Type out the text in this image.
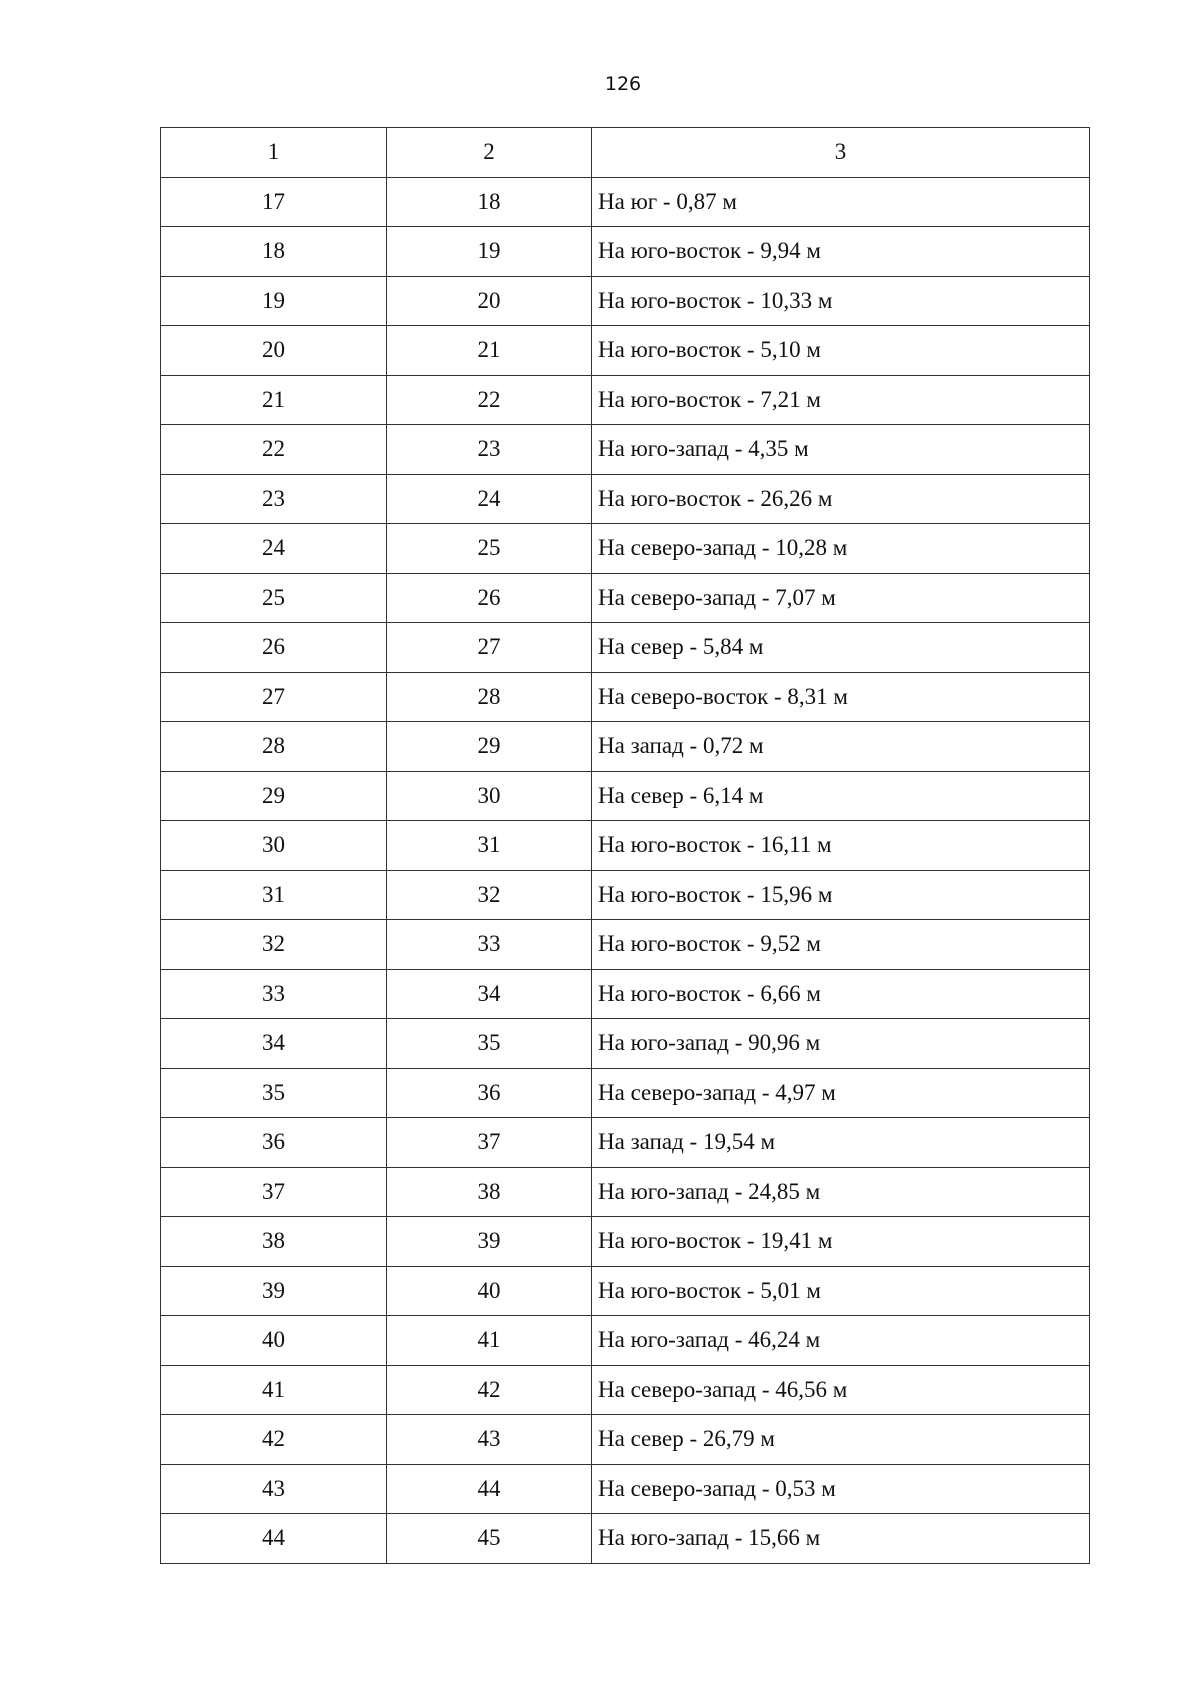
126
1	2	3
17	18	На юг - 0,87 м
18	19	На юго-восток - 9,94 м
19	20	На юго-восток - 10,33 м
20	21	На юго-восток - 5,10 м
21	22	На юго-восток - 7,21 м
22	23	На юго-запад - 4,35 м
23	24	На юго-восток - 26,26 м
24	25	На северо-запад - 10,28 м
25	26	На северо-запад - 7,07 м
26	27	На север - 5,84 м
27	28	На северо-восток - 8,31 м
28	29	На запад - 0,72 м
29	30	На север - 6,14 м
30	31	На юго-восток - 16,11 м
31	32	На юго-восток - 15,96 м
32	33	На юго-восток - 9,52 м
33	34	На юго-восток - 6,66 м
34	35	На юго-запад - 90,96 м
35	36	На северо-запад - 4,97 м
36	37	На запад - 19,54 м
37	38	На юго-запад - 24,85 м
38	39	На юго-восток - 19,41 м
39	40	На юго-восток - 5,01 м
40	41	На юго-запад - 46,24 м
41	42	На северо-запад - 46,56 м
42	43	На север - 26,79 м
43	44	На северо-запад - 0,53 м
44	45	На юго-запад - 15,66 м
